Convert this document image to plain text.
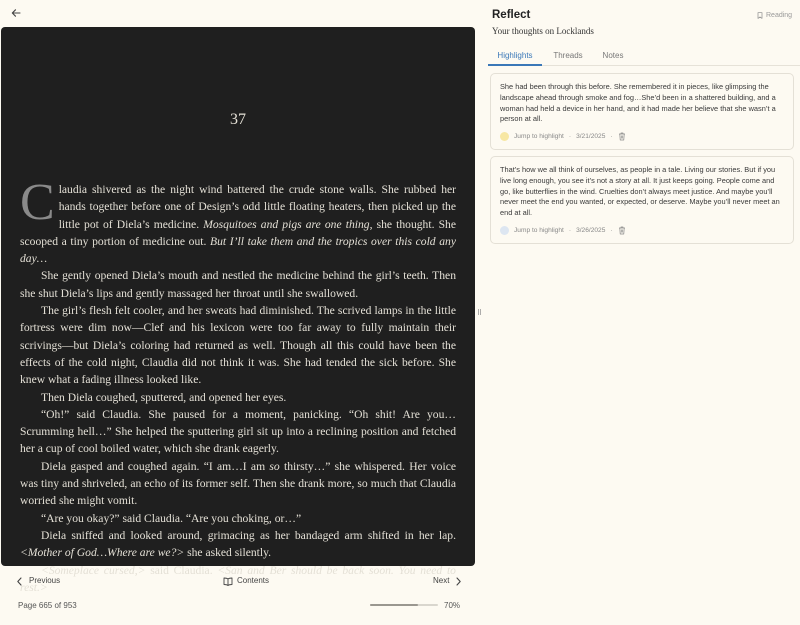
37

Claudia shivered as the night wind battered the crude stone walls. She rubbed her hands together before one of Design’s odd little floating heaters, then picked up the little pot of Diela’s medicine. Mosquitoes and pigs are one thing, she thought. She scooped a tiny portion of medicine out. But I’ll take them and the tropics over this cold any day…

She gently opened Diela’s mouth and nestled the medicine behind the girl’s teeth. Then she shut Diela’s lips and gently massaged her throat until she swallowed.

The girl’s flesh felt cooler, and her sweats had diminished. The scrived lamps in the little fortress were dim now—Clef and his lexicon were too far away to fully maintain their scrivings—but Diela’s coloring had returned as well. Though all this could have been the effects of the cold night, Claudia did not think it was. She had tended the sick before. She knew what a fading illness looked like.

Then Diela coughed, sputtered, and opened her eyes.

“Oh!” said Claudia. She paused for a moment, panicking. “Oh shit! Are you… Scrumming hell…” She helped the sputtering girl sit up into a reclining position and fetched her a cup of cool boiled water, which she drank eagerly.

Diela gasped and coughed again. “I am…I am so thirsty…” she whispered. Her voice was tiny and shriveled, an echo of its former self. Then she drank more, so much that Claudia worried she might vomit.

“Are you okay?” said Claudia. “Are you choking, or…”

Diela sniffed and looked around, grimacing as her bandaged arm shifted in her lap. <Mother of God…Where are we?> she asked silently.

<Someplace cursed,> said Claudia. <San and Ber should be back soon. You need to rest.>

Previous	Contents	Next
Page 665 of 953	70%
Reflect
Your thoughts on Locklands
Reading
Highlights	Threads	Notes
She had been through this before. She remembered it in pieces, like glimpsing the landscape ahead through smoke and fog…She’d been in a shattered building, and a woman had held a device in her hand, and it had made her believe that she wasn’t a person at all.
Jump to highlight · 3/21/2025 ·
That’s how we all think of ourselves, as people in a tale. Living our stories. But if you live long enough, you see it’s not a story at all. It just keeps going. People come and go, like butterflies in the wind. Cruelties don’t always meet justice. And maybe you’ll never meet the end you wanted, or expected, or deserve. Maybe you’ll never meet an end at all.
Jump to highlight · 3/26/2025 ·
